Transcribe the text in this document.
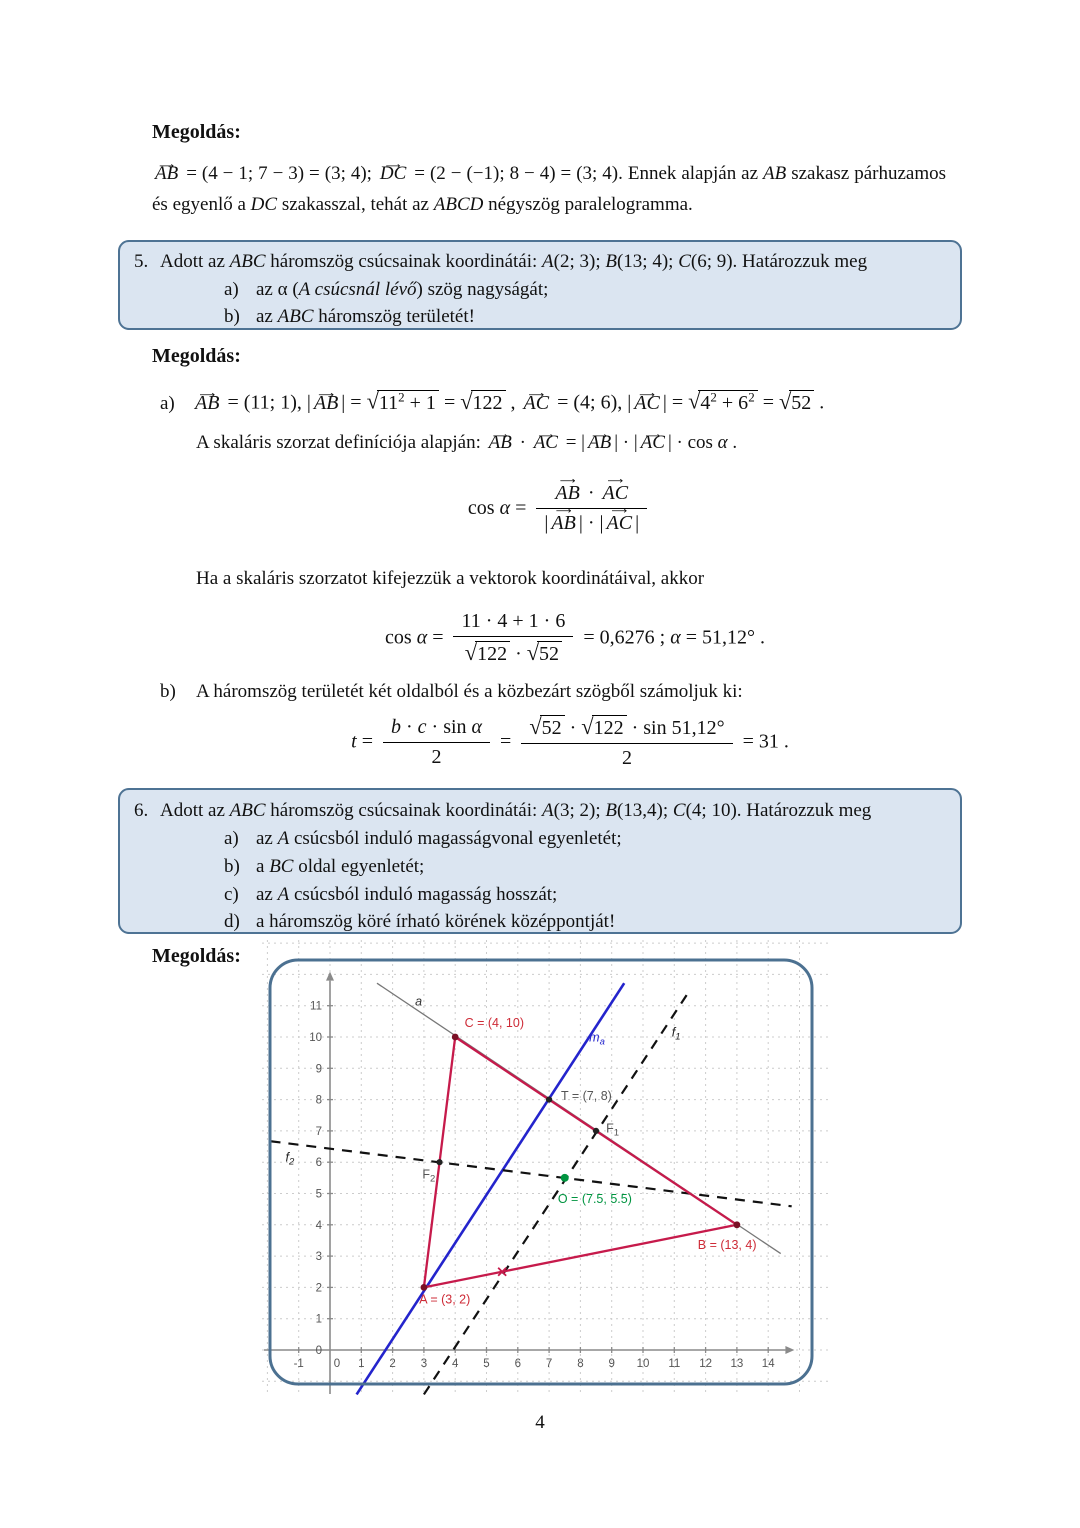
Megoldás:

⟶ AB = (4 − 1; 7 − 3) = (3; 4); ⟶ DC = (2 − (−1); 8 − 4) = (3; 4). Ennek alapján az AB szakasz párhuzamos és egyenlő a DC szakasszal, tehát az ABCD négyszög paralelogramma.

5. Adott az ABC háromszög csúcsainak koordinátái: A(2; 3); B(13; 4); C(6; 9). Határozzuk meg
a) az α (A csúcsnál lévő) szög nagyságát;
b) az ABC háromszög területét!
Megoldás:
a) ⟶ AB = (11; 1), | ⟶ AB | = $√11^2 + 1 = √122$ , ⟶ AC = (4; 6), | ⟶ AC | = $√4^2 + 6^2 = √52$ .
A skaláris szorzat definíciója alapján: ⟶ AB · ⟶ AC = | ⟶ AB | · | ⟶ AC | · cos α .
cos α = ⟶ $\frac{AB \cdot ⟶ AC}{| ⟶ AB | \cdot | ⟶ AC |}$
Ha a skaláris szorzatot kifejezzük a vektorok koordinátáival, akkor
$\cos \alpha = \frac{11 \cdot 4 + 1 \cdot 6}{√122 \cdot √52} = 0,6276$ ; α = 51,12° .
b) A háromszög területét két oldalból és a közbezárt szögből számoljuk ki:
$t = \frac{\text{b · c · sin α}}{2} = \frac{√52 \cdot √122 \cdot \sin 51,12^\circ}{2} = 31$ .
6. Adott az ABC háromszög csúcsainak koordinátái: A(3; 2); B(13,4); C(4; 10). Határozzuk meg
a) az A csúcsból induló magasságvonal egyenletét;
b) a BC oldal egyenletét;
c) az A csúcsból induló magasság hosszát;
d) a háromszög köré írható körének középpontját!
Megoldás:
-1	0 1 2 3 4 5 6 7 8 9 10 11 12 13 14
0
1
2
3
4
5
6
7
8
9
10
11	a
C = (4, 10)
$m_a$
$f_1$
T = (7, 8)
$F_1$
$f_2$
$F_2$
O = (7.5, 5.5)
A = (3, 2)
B = (13, 4)
4
